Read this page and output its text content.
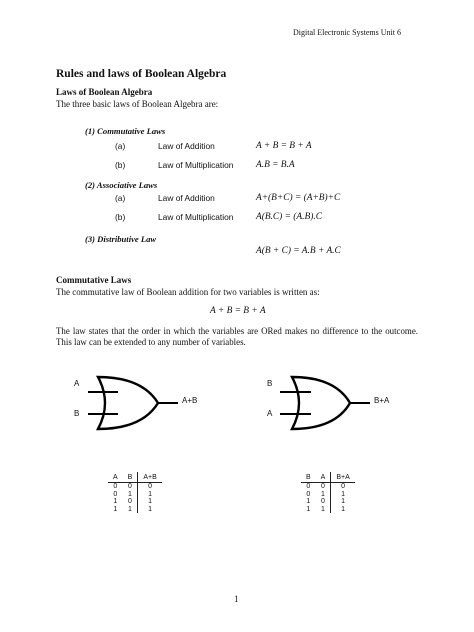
Digital Electronic Systems Unit 6
Rules and laws of Boolean Algebra
Laws of Boolean Algebra
The three basic laws of Boolean Algebra are:
(1) Commutative Laws
(a)	Law of Addition	A + B = B + A
(b)	Law of Multiplication A.B = B.A
(2) Associative Laws
(a)	Law of Addition	A+(B+C) = (A+B)+C
(b)	Law of Multiplication A(B.C) = (A.B).C
(3) Distributive Law
A(B + C) = A.B + A.C
Commutative Laws
The commutative law of Boolean addition for two variables is written as:
A + B = B + A
The law states that the order in which the variables are ORed makes no difference to the outcome. This law can be extended to any number of variables.
A
B
A+B
B
A
B+A
A	B	A+B
0	0	0
0	1	1
1	0	1
1	1	1
B	A	B+A
0	0	0
0	1	1
1	0	1
1	1	1
1
